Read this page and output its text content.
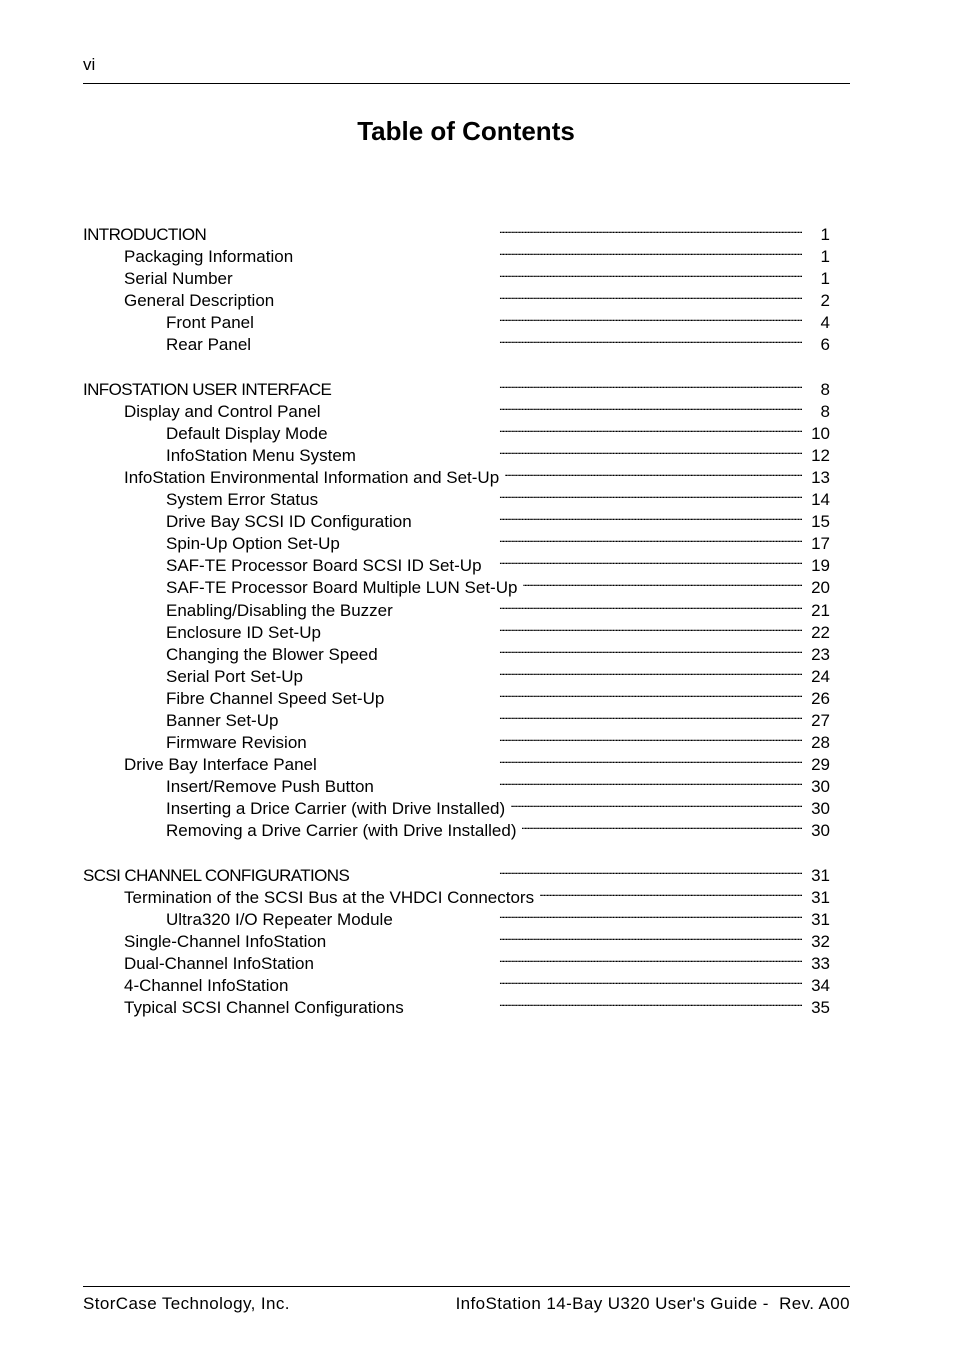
vi
Table of Contents
INTRODUCTION . . .	1
Packaging Information . . .	1
Serial Number . . .	1
General Description . . .	2
Front Panel . . .	4
Rear Panel . . .	6
INFOSTATION USER INTERFACE . . .	8
Display and Control Panel . . .	8
Default Display Mode . . .	10
InfoStation Menu System . . .	12
InfoStation Environmental Information and Set-Up . . .	13
System Error Status . . .	14
Drive Bay SCSI ID Configuration . . .	15
Spin-Up Option Set-Up . . .	17
SAF-TE Processor Board SCSI ID Set-Up . . .	19
SAF-TE Processor Board Multiple LUN Set-Up . . .	20
Enabling/Disabling the Buzzer . . .	21
Enclosure ID Set-Up . . .	22
Changing the Blower Speed . . .	23
Serial Port Set-Up . . .	24
Fibre Channel Speed Set-Up . . .	26
Banner Set-Up . . .	27
Firmware Revision . . .	28
Drive Bay Interface Panel . . .	29
Insert/Remove Push Button . . .	30
Inserting a Drice Carrier (with Drive Installed) . . .	30
Removing a Drive Carrier (with Drive Installed) . . .	30
SCSI CHANNEL CONFIGURATIONS . . .	31
Termination of the SCSI Bus at the VHDCI Connectors . . .	31
Ultra320 I/O Repeater Module . . .	31
Single-Channel InfoStation . . .	32
Dual-Channel InfoStation . . .	33
4-Channel InfoStation . . .	34
Typical SCSI Channel Configurations . . .	35
StorCase Technology, Inc.	InfoStation 14-Bay U320 User's Guide -  Rev. A00
